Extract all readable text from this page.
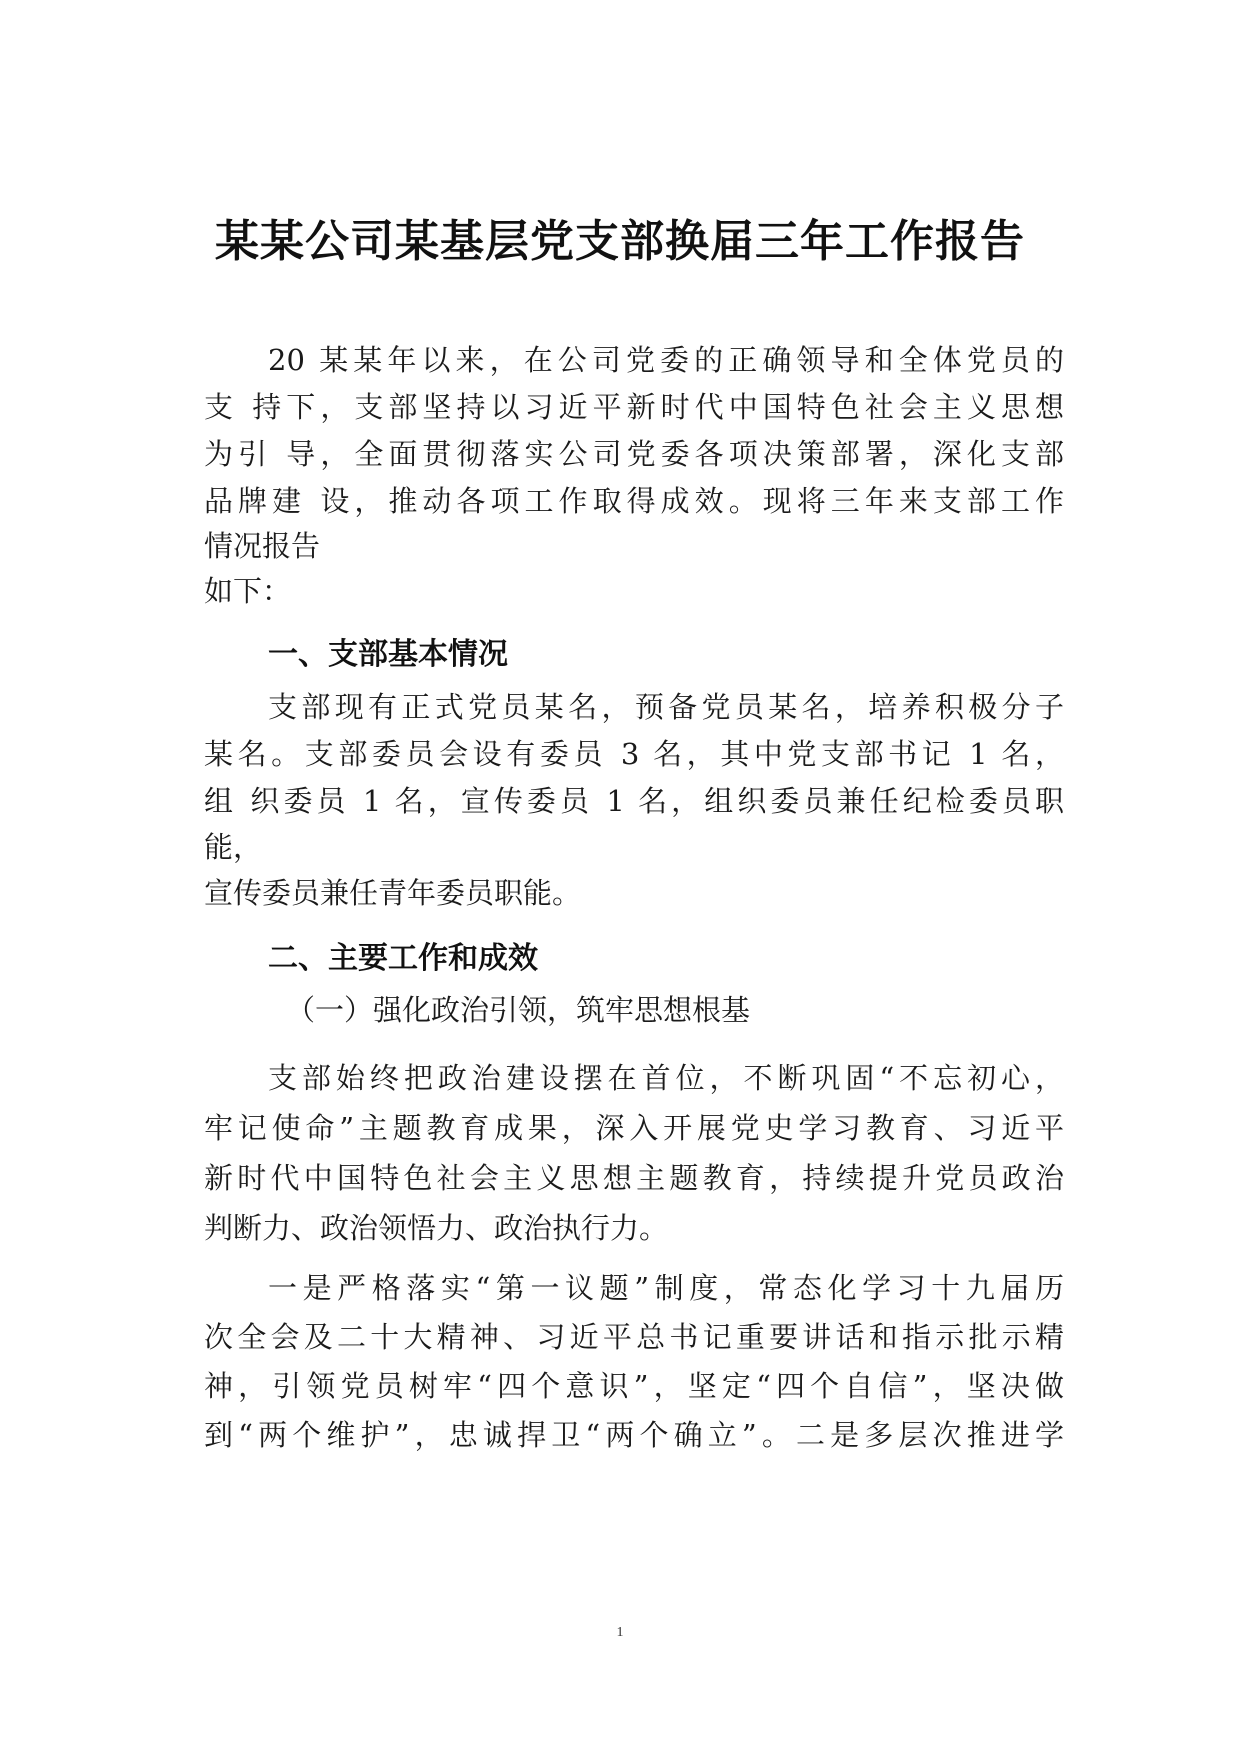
某某公司某基层党支部换届三年工作报告
20 某某年以来，在公司党委的正确领导和全体党员的
支 持下，支部坚持以习近平新时代中国特色社会主义思想
为引 导，全面贯彻落实公司党委各项决策部署，深化支部
品牌建 设，推动各项工作取得成效。现将三年来支部工作
情况报告
如下：
一、支部基本情况
支部现有正式党员某名，预备党员某名，培养积极分子
某名。支部委员会设有委员 3 名，其中党支部书记 1 名，
组 织委员 1 名，宣传委员 1 名，组织委员兼任纪检委员职
能，
宣传委员兼任青年委员职能。
二、主要工作和成效
（一）强化政治引领，筑牢思想根基
支部始终把政治建设摆在首位，不断巩固“不忘初心，
牢记使命”主题教育成果，深入开展党史学习教育、习近平
新时代中国特色社会主义思想主题教育，持续提升党员政治
判断力、政治领悟力、政治执行力。
一是严格落实“第一议题”制度，常态化学习十九届历
次全会及二十大精神、习近平总书记重要讲话和指示批示精
神，引领党员树牢“四个意识”，坚定“四个自信”，坚决做
到“两个维护”，忠诚捍卫“两个确立”。二是多层次推进学
1
